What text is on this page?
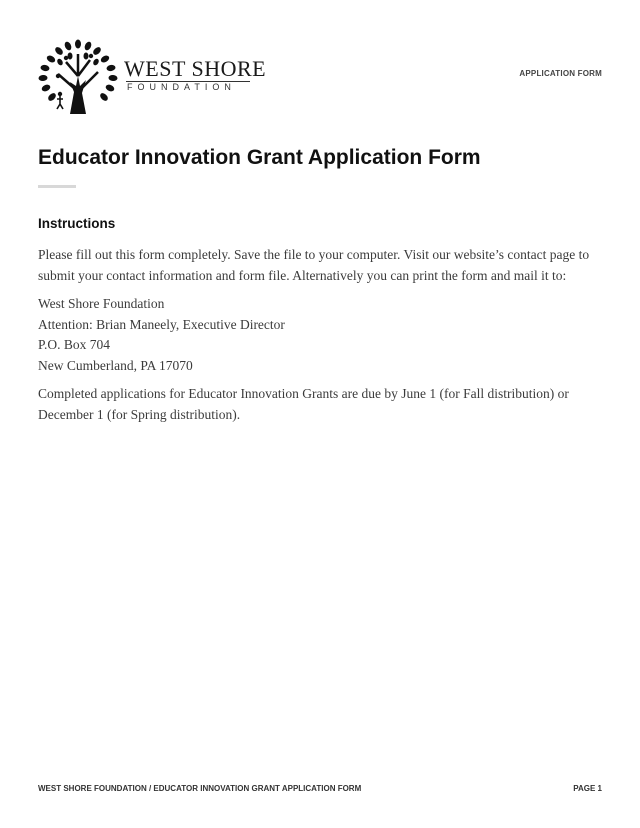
WEST SHORE
FOUNDATION
APPLICATION FORM
Educator Innovation Grant Application Form
Instructions

Please fill out this form completely. Save the file to your computer. Visit our website’s contact page to submit your contact information and form file. Alternatively you can print the form and mail it to:

West Shore Foundation
Attention: Brian Maneely, Executive Director
P.O. Box 704
New Cumberland, PA 17070

Completed applications for Educator Innovation Grants are due by June 1 (for Fall distribution) or December 1 (for Spring distribution).

WEST SHORE FOUNDATION / EDUCATOR INNOVATION GRANT APPLICATION FORM	PAGE 1
